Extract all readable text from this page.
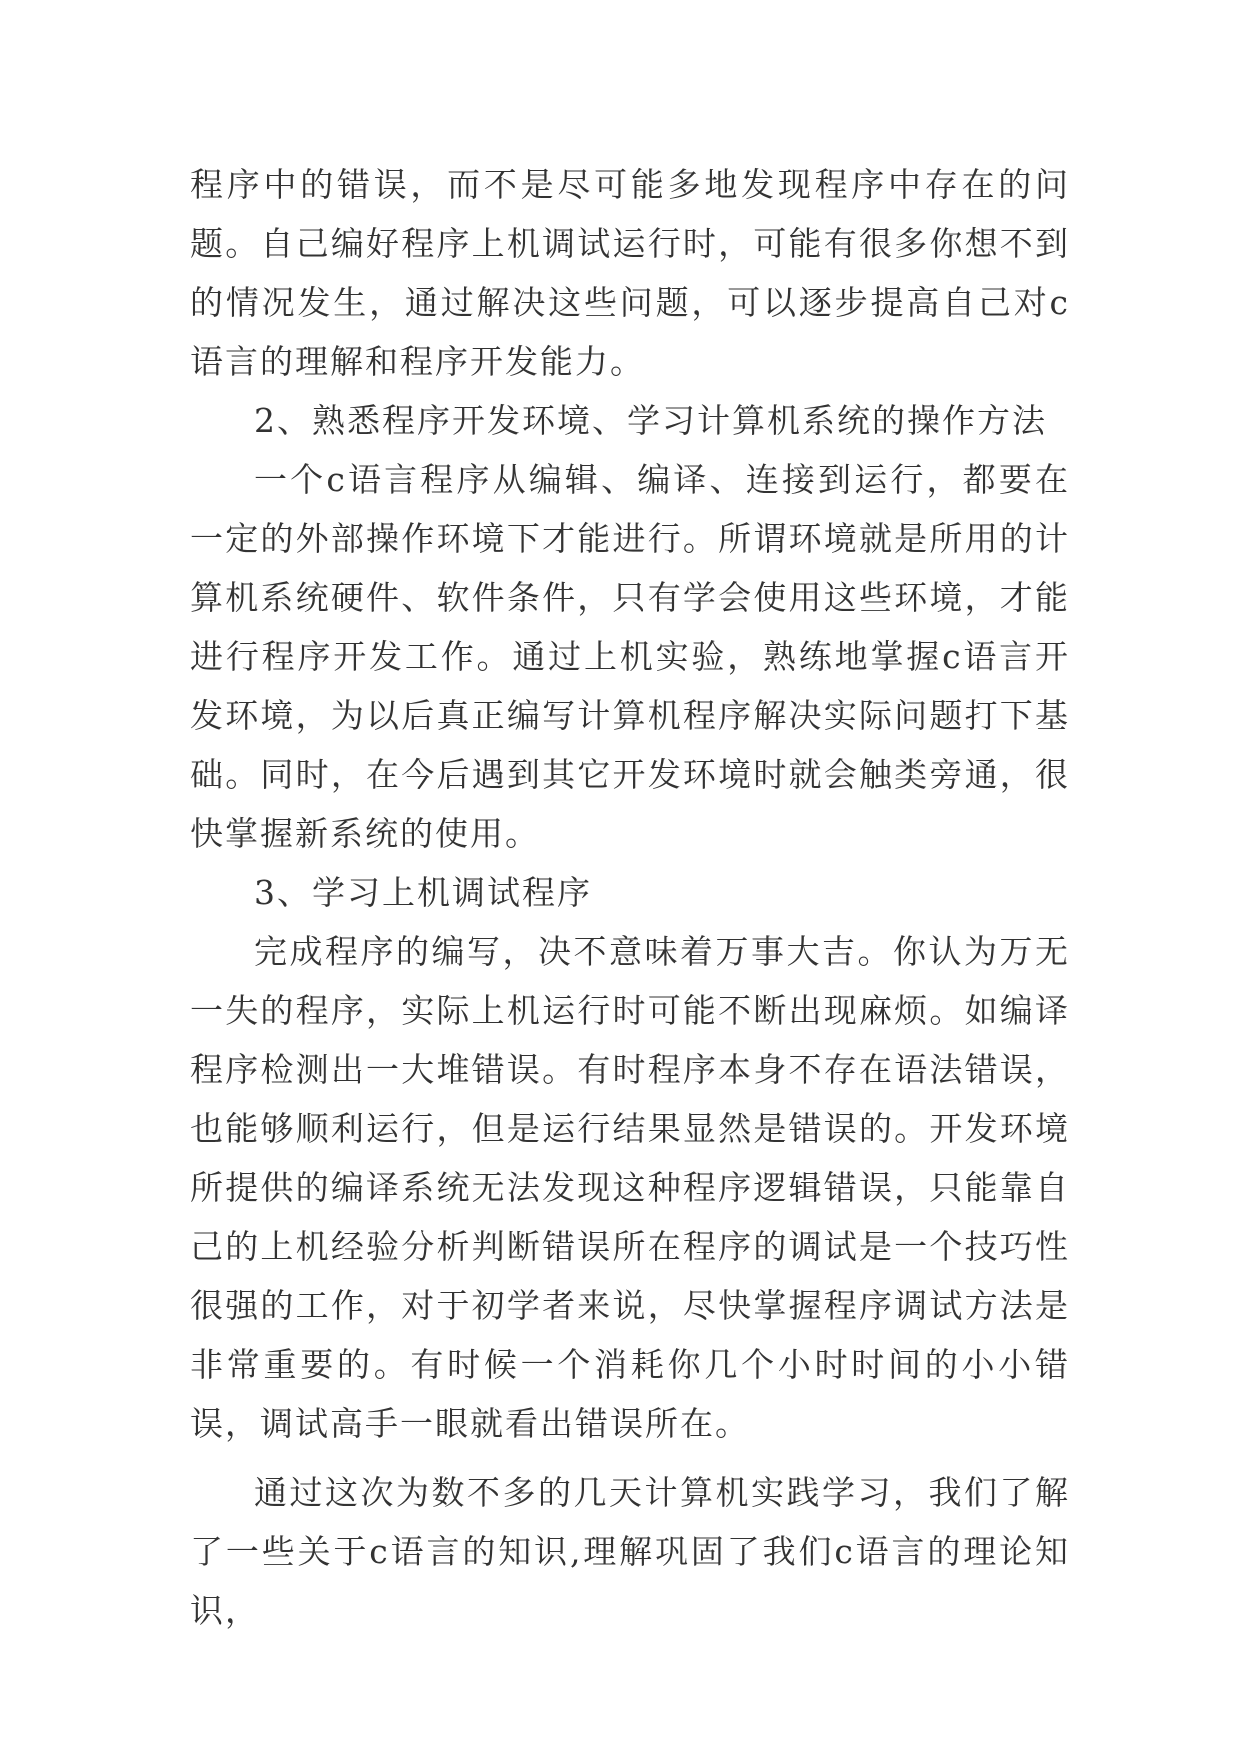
程序中的错误，而不是尽可能多地发现程序中存在的问题。自己编好程序上机调试运行时，可能有很多你想不到的情况发生，通过解决这些问题，可以逐步提高自己对c语言的理解和程序开发能力。

2、熟悉程序开发环境、学习计算机系统的操作方法

一个c语言程序从编辑、编译、连接到运行，都要在一定的外部操作环境下才能进行。所谓环境就是所用的计算机系统硬件、软件条件，只有学会使用这些环境，才能进行程序开发工作。通过上机实验，熟练地掌握c语言开发环境，为以后真正编写计算机程序解决实际问题打下基础。同时，在今后遇到其它开发环境时就会触类旁通，很快掌握新系统的使用。

3、学习上机调试程序

完成程序的编写，决不意味着万事大吉。你认为万无一失的程序，实际上机运行时可能不断出现麻烦。如编译程序检测出一大堆错误。有时程序本身不存在语法错误，也能够顺利运行，但是运行结果显然是错误的。开发环境所提供的编译系统无法发现这种程序逻辑错误，只能靠自己的上机经验分析判断错误所在程序的调试是一个技巧性很强的工作，对于初学者来说，尽快掌握程序调试方法是非常重要的。有时候一个消耗你几个小时时间的小小错误，调试高手一眼就看出错误所在。

通过这次为数不多的几天计算机实践学习，我们了解了一些关于c语言的知识,理解巩固了我们c语言的理论知识，
